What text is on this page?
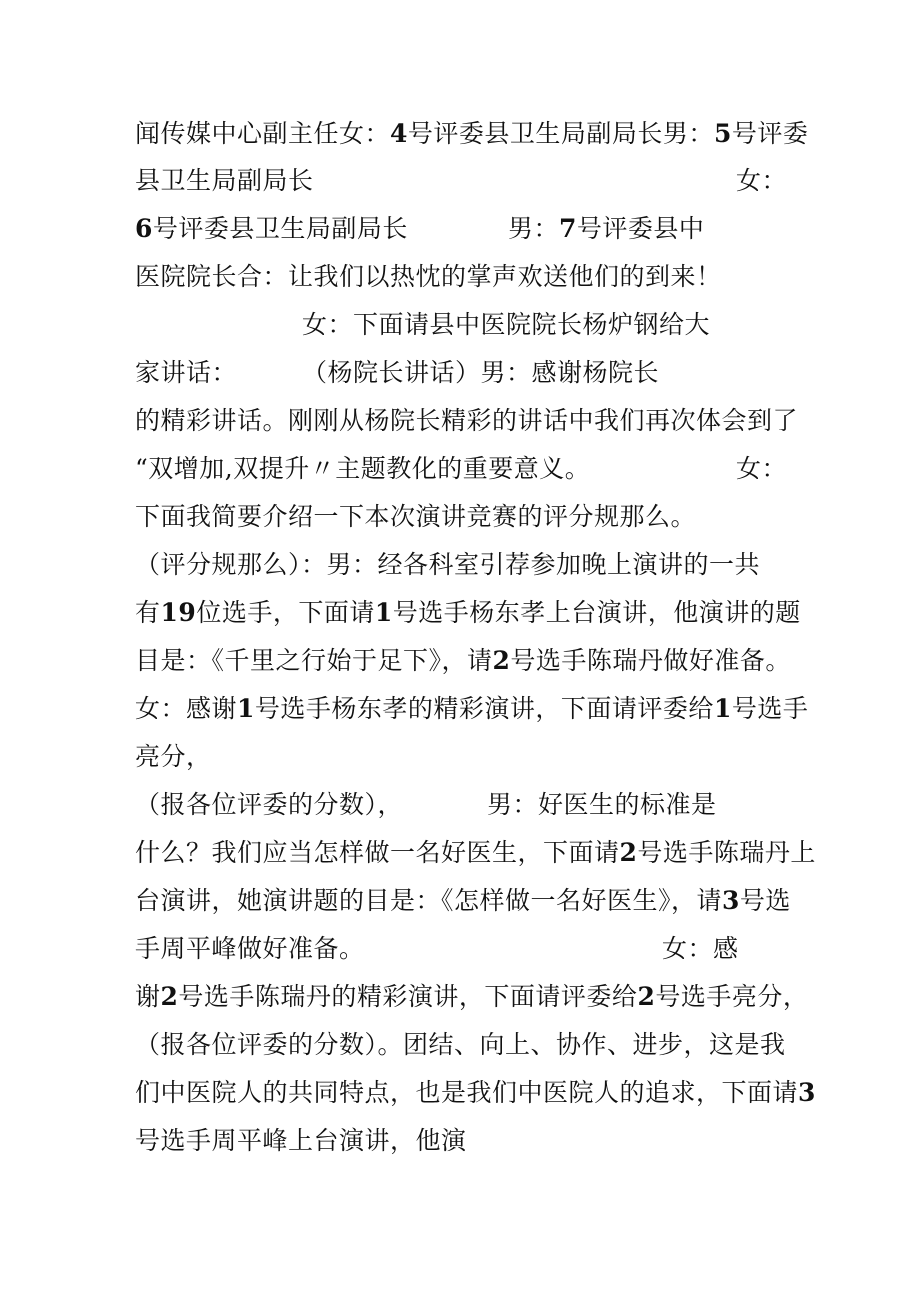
闻传媒中心副主任女：4号评委县卫生局副局长男：5号评委
县卫生局副局长	女：
6号评委县卫生局副局长	男：7号评委县中
医院院长合：让我们以热忱的掌声欢送他们的到来！
女：下面请县中医院院长杨炉钢给大
家讲话：	（杨院长讲话）男：感谢杨院长
的精彩讲话。刚刚从杨院长精彩的讲话中我们再次体会到了
“双增加,双提升〃主题教化的重要意义。	女：
下面我简要介绍一下本次演讲竞赛的评分规那么。
（评分规那么）：男：经各科室引荐参加晚上演讲的一共
有19位选手，下面请1号选手杨东孝上台演讲，他演讲的题
目是：《千里之行始于足下》，请2号选手陈瑞丹做好准备。
女：感谢1号选手杨东孝的精彩演讲，下面请评委给1号选手
亮分，
（报各位评委的分数），	男：好医生的标准是
什么？我们应当怎样做一名好医生，下面请2号选手陈瑞丹上
台演讲，她演讲题的目是：《怎样做一名好医生》，请3号选
手周平峰做好准备。	女：感
谢2号选手陈瑞丹的精彩演讲，下面请评委给2号选手亮分，
（报各位评委的分数）。团结、向上、协作、进步，这是我
们中医院人的共同特点，也是我们中医院人的追求，下面请3
号选手周平峰上台演讲，他演
